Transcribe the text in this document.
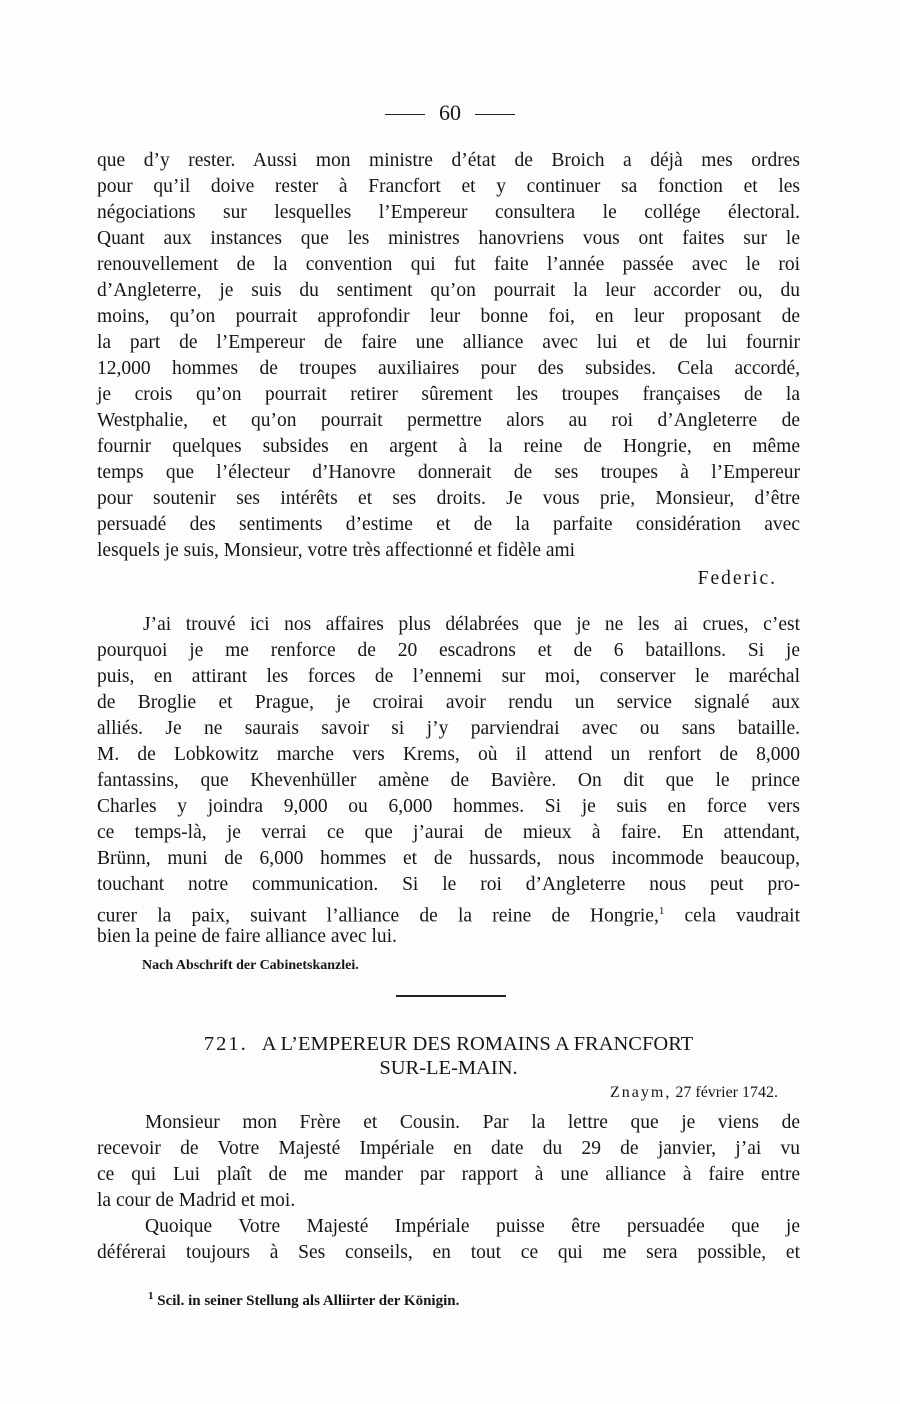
60
que d’y rester. Aussi mon ministre d’état de Broich a déjà mes ordres
pour qu’il doive rester à Francfort et y continuer sa fonction et les
négociations sur lesquelles l’Empereur consultera le collége électoral.
Quant aux instances que les ministres hanovriens vous ont faites sur le
renouvellement de la convention qui fut faite l’année passée avec le roi
d’Angleterre, je suis du sentiment qu’on pourrait la leur accorder ou, du
moins, qu’on pourrait approfondir leur bonne foi, en leur proposant de
la part de l’Empereur de faire une alliance avec lui et de lui fournir
12,000 hommes de troupes auxiliaires pour des subsides. Cela accordé,
je crois qu’on pourrait retirer sûrement les troupes françaises de la
Westphalie, et qu’on pourrait permettre alors au roi d’Angleterre de
fournir quelques subsides en argent à la reine de Hongrie, en même
temps que l’électeur d’Hanovre donnerait de ses troupes à l’Empereur
pour soutenir ses intérêts et ses droits. Je vous prie, Monsieur, d’être
persuadé des sentiments d’estime et de la parfaite considération avec
lesquels je suis, Monsieur, votre très affectionné et fidèle ami
Federic.
J’ai trouvé ici nos affaires plus délabrées que je ne les ai crues, c’est
pourquoi je me renforce de 20 escadrons et de 6 bataillons. Si je
puis, en attirant les forces de l’ennemi sur moi, conserver le maréchal
de Broglie et Prague, je croirai avoir rendu un service signalé aux
alliés. Je ne saurais savoir si j’y parviendrai avec ou sans bataille.
M. de Lobkowitz marche vers Krems, où il attend un renfort de 8,000
fantassins, que Khevenhüller amène de Bavière. On dit que le prince
Charles y joindra 9,000 ou 6,000 hommes. Si je suis en force vers
ce temps-là, je verrai ce que j’aurai de mieux à faire. En attendant,
Brünn, muni de 6,000 hommes et de hussards, nous incommode beaucoup,
touchant notre communication. Si le roi d’Angleterre nous peut pro-
curer la paix, suivant l’alliance de la reine de Hongrie,$^1$ cela vaudrait
bien la peine de faire alliance avec lui.
Nach Abschrift der Cabinetskanzlei.
721. A L’EMPEREUR DES ROMAINS A FRANCFORT
SUR-LE-MAIN.
Znaym, 27 février 1742.
Monsieur mon Frère et Cousin. Par la lettre que je viens de
recevoir de Votre Majesté Impériale en date du 29 de janvier, j’ai vu
ce qui Lui plaît de me mander par rapport à une alliance à faire entre
la cour de Madrid et moi.
Quoique Votre Majesté Impériale puisse être persuadée que je
déférerai toujours à Ses conseils, en tout ce qui me sera possible, et
$^1$ Scil. in seiner Stellung als Alliirter der Königin.
